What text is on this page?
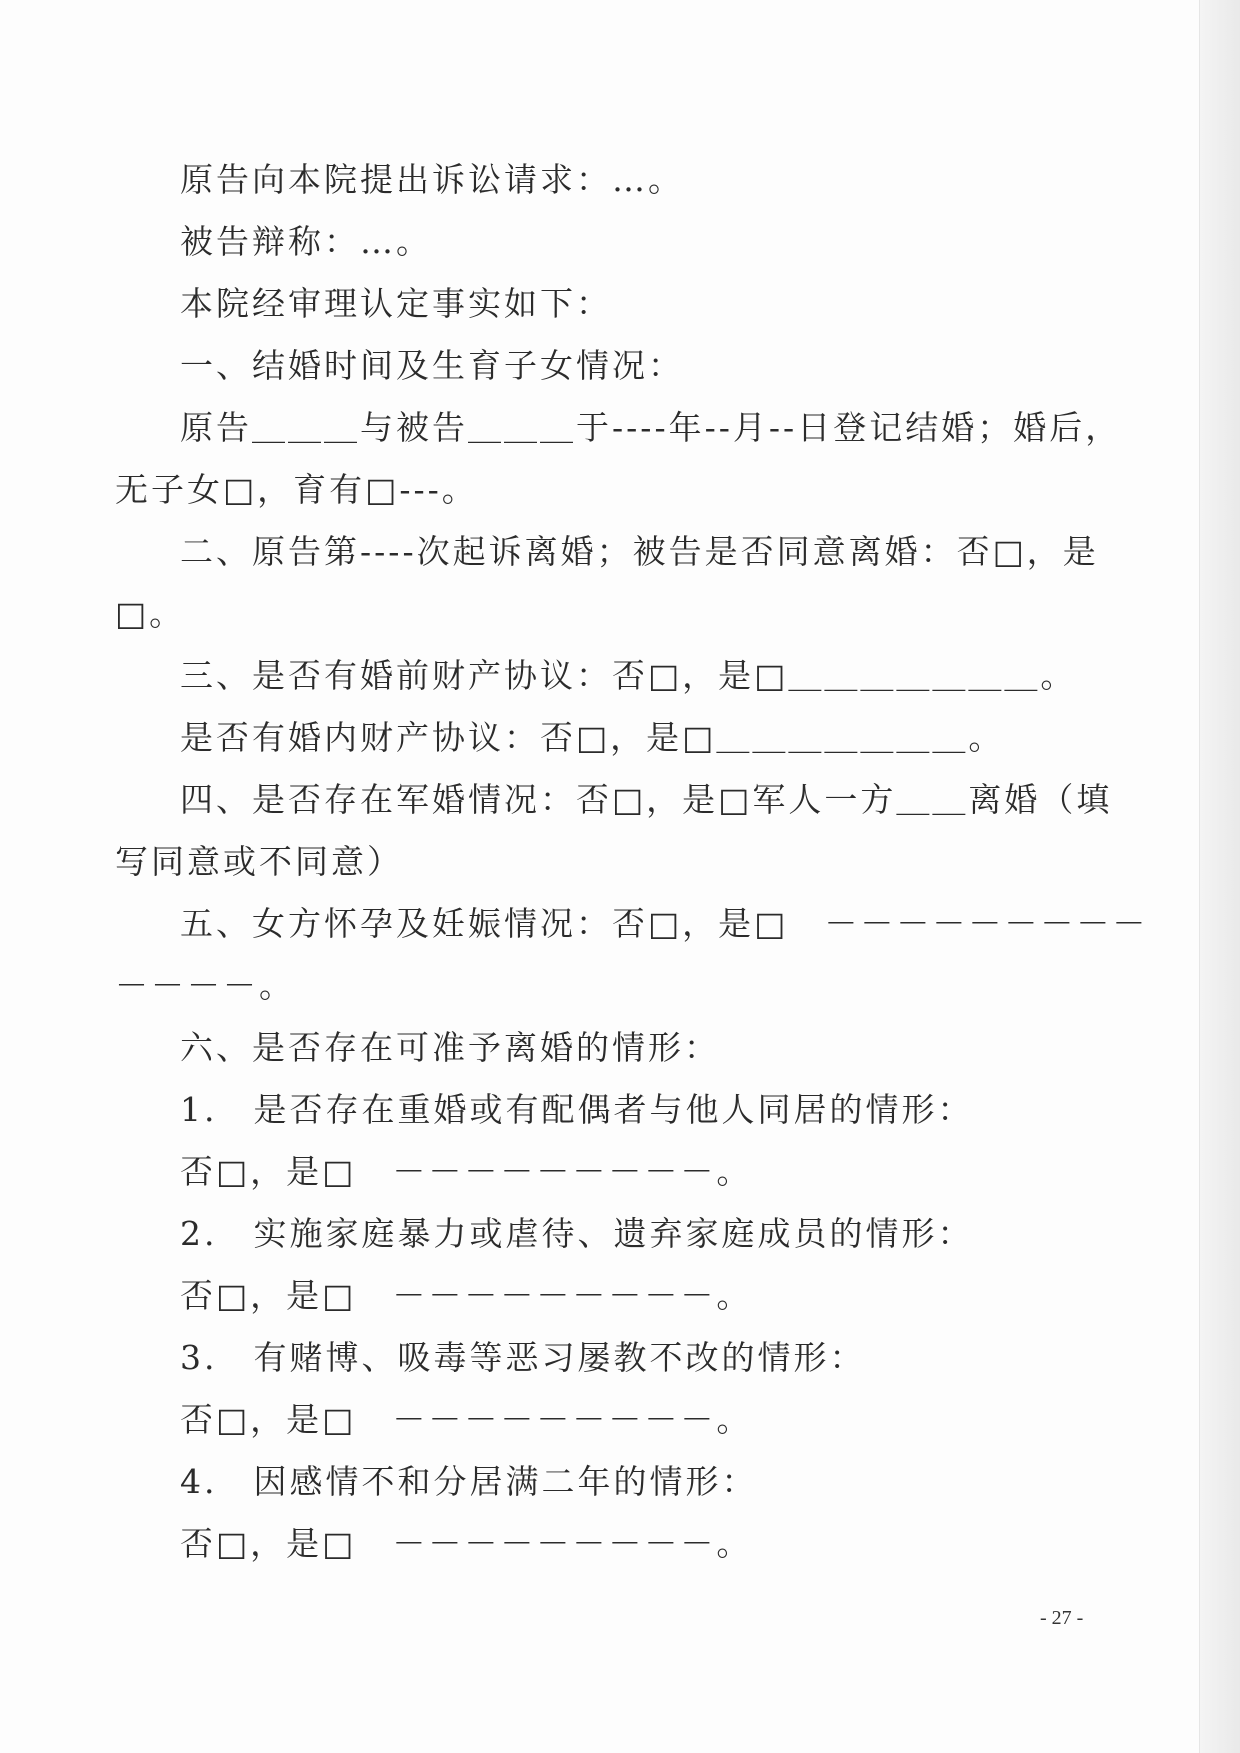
原告向本院提出诉讼请求：…。
被告辩称：…。
本院经审理认定事实如下：
一、结婚时间及生育子女情况：
原告＿＿＿与被告＿＿＿于----年--月--日登记结婚；婚后，
无子女□，育有□---。
二、原告第----次起诉离婚；被告是否同意离婚：否□，是
□。
三、是否有婚前财产协议：否□，是□＿＿＿＿＿＿＿。
是否有婚内财产协议：否□，是□＿＿＿＿＿＿＿。
四、是否存在军婚情况：否□，是□军人一方＿＿离婚（填
写同意或不同意）
五、女方怀孕及妊娠情况：否□，是□　－－－－－－－－－
－－－－。
六、是否存在可准予离婚的情形：
1.　是否存在重婚或有配偶者与他人同居的情形：
否□，是□　－－－－－－－－－。
2.　实施家庭暴力或虐待、遗弃家庭成员的情形：
否□，是□　－－－－－－－－－。
3.　有赌博、吸毒等恶习屡教不改的情形：
否□，是□　－－－－－－－－－。
4.　因感情不和分居满二年的情形：
否□，是□　－－－－－－－－－。
- 27 -
